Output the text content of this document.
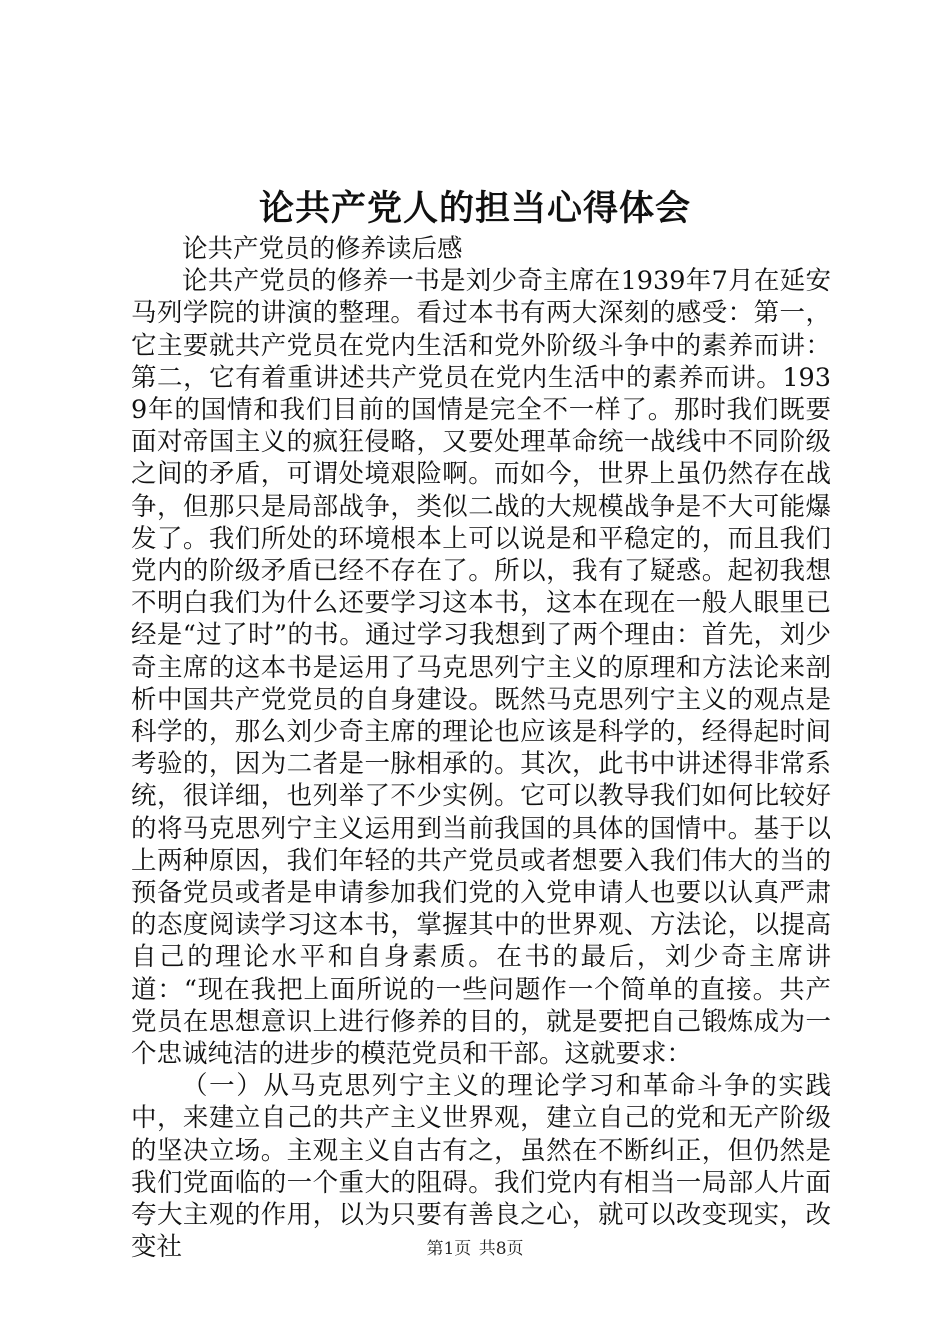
论共产党人的担当心得体会

论共产党员的修养读后感

论共产党员的修养一书是刘少奇主席在1939年7月在延安马列学院的讲演的整理。看过本书有两大深刻的感受：第一，它主要就共产党员在党内生活和党外阶级斗争中的素养而讲：第二，它有着重讲述共产党员在党内生活中的素养而讲。1939年的国情和我们目前的国情是完全不一样了。那时我们既要面对帝国主义的疯狂侵略，又要处理革命统一战线中不同阶级之间的矛盾，可谓处境艰险啊。而如今，世界上虽仍然存在战争，但那只是局部战争，类似二战的大规模战争是不大可能爆发了。我们所处的环境根本上可以说是和平稳定的，而且我们党内的阶级矛盾已经不存在了。所以，我有了疑惑。起初我想不明白我们为什么还要学习这本书，这本在现在一般人眼里已经是“过了时”的书。通过学习我想到了两个理由：首先，刘少奇主席的这本书是运用了马克思列宁主义的原理和方法论来剖析中国共产党党员的自身建设。既然马克思列宁主义的观点是科学的，那么刘少奇主席的理论也应该是科学的，经得起时间考验的，因为二者是一脉相承的。其次，此书中讲述得非常系统，很详细，也列举了不少实例。它可以教导我们如何比较好的将马克思列宁主义运用到当前我国的具体的国情中。基于以上两种原因，我们年轻的共产党员或者想要入我们伟大的当的预备党员或者是申请参加我们党的入党申请人也要以认真严肃的态度阅读学习这本书，掌握其中的世界观、方法论，以提高自己的理论水平和自身素质。在书的最后，刘少奇主席讲道：“现在我把上面所说的一些问题作一个简单的直接。共产党员在思想意识上进行修养的目的，就是要把自己锻炼成为一个忠诚纯洁的进步的模范党员和干部。这就要求：

（一）从马克思列宁主义的理论学习和革命斗争的实践中，来建立自己的共产主义世界观，建立自己的党和无产阶级的坚决立场。主观主义自古有之，虽然在不断纠正，但仍然是我们党面临的一个重大的阻碍。我们党内有相当一局部人片面夸大主观的作用，以为只要有善良之心，就可以改变现实，改变社	第1页 共8页
